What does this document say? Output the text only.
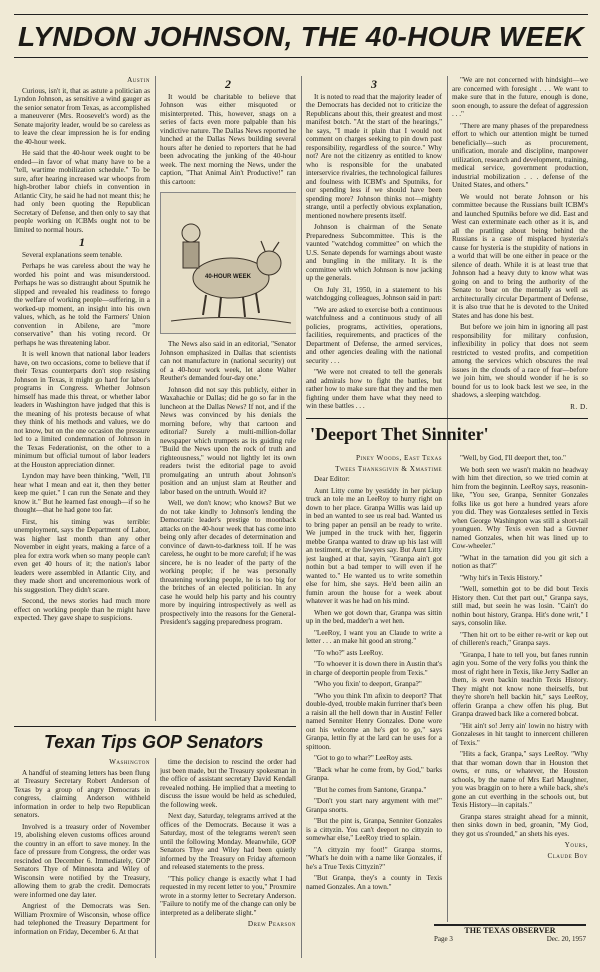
LYNDON JOHNSON, THE 40-HOUR WEEK
Austin

Curious, isn't it, that as astute a politician as Lyndon Johnson, as sensitive a wind gauger as the senior senator from Texas, as accomplished a maneuverer (Mrs. Roosevelt's word) as the Senate majority leader, would be so careless as to leave the clear impression he is for ending the 40-hour week.

He said that the 40-hour week ought to be ended—in favor of what many have to be a "tell, wartime mobilization schedule." To be sure, after hearing increased war whoops from high-brother labor chiefs in convention in Atlantic City, he said he had not meant this; he had only been quoting the Republican Secretary of Defense, and then only to say that people working on ICBMs ought not to be limited to normal hours.

1

Several explanations seem tenable.

Perhaps he was careless about the way he worded his point and was misunderstood. Perhaps he was so distraught about Sputnik he slipped and revealed his readiness to forego the welfare of working people—suffering, in a worked-up moment, an insight into his own values, which, as he told the Farmers' Union convention in Abilene, are "more conservative" than his voting record. Or perhaps he was threatening labor.

It is well known that national labor leaders have, on two occasions, come to believe that if their Texas counterparts don't stop resisting Johnson in Texas, it might go hard for labor's programs in Congress. Whether Johnson himself has made this threat, or whether labor leaders in Washington have judged that this is the meaning of his protests because of what they think of his methods and values, we do not know, but on the one occasion the pressure led to a limited condemnation of Johnson in the Texas Federationist, on the other to a minimum but official turnout of labor leaders at the Houston appreciation dinner.

Lyndon may have been thinking, "Well, I'll hear what I mean and eat it, then they better keep me quiet." I can run the Senate and they know it." But he learned fast enough—if so he thought—that he had gone too far.

First, his timing was terrible: unemployment, says the Department of Labor, was higher last month than any other November in eight years, making a farce of a plea for extra work when so many people can't even get 40 hours of it; the nation's labor leaders were assembled in Atlantic City, and they made short and unceremonious work of his suggestion. They didn't scare.

Second, the news stories had much more effect on working people than he might have expected. They gave shape to suspicions.

2

It would be charitable to believe that Johnson was either misquoted or misinterpreted. This, however, snags on a series of facts even more palpable than his vindictive nature. The Dallas News reported he lunched at the Dallas News building several hours after he denied to reporters that he had been advocating the junking of the 40-hour week. The next morning the News, under the caption, "That Animal Ain't Productive!" ran this cartoon:

40-HOUR WEEK

The News also said in an editorial, "Senator Johnson emphasized in Dallas that scientists can not manufacture in (national security) out of a 40-hour work week, let alone Walter Reuther's demanded four-day one."

Johnson did not say this publicly, either in Waxahachie or Dallas; did he go so far in the luncheon at the Dallas News? If not, and if the News was convinced by his denials the morning before, why that cartoon and editorial? Surely a multi-million-dollar newspaper which trumpets as its guiding rule "Build the News upon the rock of truth and righteousness," would not lightly let its own readers twist the editorial page to avoid promulgating an untruth about Johnson's position and an unjust slam at Reuther and labor based on the untruth. Would it?

Well, we don't know; who knows? But we do not take kindly to Johnson's lending the Democratic leader's prestige to moonback attacks on the 40-hour week that has come into being only after decades of determination and convince of dawn-to-darkness toil. If he was careless, he ought to be more careful; if he was sincere, he is no leader of the party of the working people; if he was personally threatening working people, he is too big for the britches of an elected politician. In any case he would help his party and his country more by inquiring introspectively as well as prospectively into the reasons for the General-President's sagging preparedness program.

3

It is noted to read that the majority leader of the Democrats has decided not to criticize the Republicans about this, their greatest and most manifest botch. "At the start of the hearings," he says, "I made it plain that I would not comment on charges seeking to pin down past responsibility, regardless of the source." Why not? Are not the citizenry as entitled to know who is responsible for the unabated interservice rivalries, the technological failures and foulness with ICBM's and Sputniks, for our spending less if we should have been spending more? Johnson thinks not—mighty strange, until a perfectly obvious explanation, mentioned nowhere presents itself.

Johnson is chairman of the Senate Preparedness Subcommittee. This is the vaunted "watchdog committee" on which the U.S. Senate depends for warnings about waste and bungling in the military. It is the committee with which Johnson is now jacking up the generals.

On July 31, 1950, in a statement to his watchdogging colleagues, Johnson said in part:

"We are asked to exercise both a continuous watchfulness and a continuous study of all policies, programs, activities, operations, facilities, requirements, and practices of the Department of Defense, the armed services, and other agencies dealing with the national security . . .

"We were not created to tell the generals and admirals how to fight the battles, but rather how to make sure that they and the men fighting under them have what they need to win these battles . . .

"We are not concerned with hindsight—we are concerned with foresight . . . We want to make sure that in the future, enough is done, soon enough, to assure the defeat of aggression . . ."

"There are many phases of the preparedness effort to which our attention might be turned beneficially—such as procurement, unification, morale and discipline, manpower utilization, research and development, training, medical service, government production, industrial mobilization . . . defense of the United States, and others."

We would not berate Johnson or his committee because the Russians built ICBM's and launched Sputniks before we did. East and West can exterminate each other as it is, and all the prattling about being behind the Russians is a case of misplaced hysteria's cause for hysteria is the stupidity of nations in a world that will be one either in peace or the silence of death. While it is at least true that Johnson had a heavy duty to know what was going on and to bring the authority of the Senate to bear on the mentally as well as architecturally circular Department of Defense, it is also true that he is devoted to the United States and has done his best.

But before we join him in ignoring all past responsibility for military confusion, inflexibility in policy that does not seem restricted to vested profits, and competition among the services which obscures the real issues in the clouds of a race of fear—before we join him, we should wonder if he is so bound for us to look back lest we see, in the shadows, a sleeping watchdog.

R. D.
'Deeport Thet Sinniter'
Piney Woods, East Texas
Twees Thanksgivin & Xmastime

Dear Editor:

Aunt Litty come by yestiddy in her pickup truck an tole me an LeeRoy to hurry right on down to her place. Granpa Willis was laid up in bed an wanted to see us real bad. Wanted us to bring paper an pensil an be ready to write. We jumped in the truck with her, figgerin mebbe Granpa wanted to draw up his last will an testiment, er the lawyers say. But Aunt Litty jest laughed at that, sayin, "Granpa ain't got nothin but a bad temper to will even if he wanted to." He wanted us to write somethin else for him, she says. He'd been ailin an fumin aroun the house for a week about whatever it was he had on his mind.

When we got down thar, Granpa was sittin up in the bed, madder'n a wet hen.

"LeeRoy, I want you an Claude to write a letter . . . an make hit good an strong."

"To who?" asts LeeRoy.

"To whoever it is down there in Austin that's in charge of deeportin people from Texis."

"Who you fixin' to deeport, Granpa?"

"Who you think I'm afixin to deeport? That double-dyed, trouble makin furriner that's been a raisin all the hell down thar in Austin! Feller named Senniter Henry Gonzales. Done wore out his welcome an he's got to go," says Granpa, lettin fly at the lard can he uses for a spittoon.

"Got to go to whar?" LeeRoy asts.

"Back whar he come from, by God," barks Granpa.

"But he comes from Santone, Granpa."

"Don't you start nary argyment with me!" Granpa snorts.

"But the pint is, Granpa, Senniter Gonzales is a cittyzin. You can't deeport no cittyzin to somewhar else," LeeRoy tried to splain.

"A cittyzin my foot!" Granpa storms, "What's he doin with a name like Gonzales, if he's a True Texis Cittyzin?"

"But Granpa, they's a county in Texis named Gonzales. An a town."

"Well, by God, I'll deeport thet, too."

We both seen we wasn't makin no headway with him thet direction, so we tried comin at him from the beginnin. LeeRoy says, reasonin-like, "You see, Granpa, Senniter Gonzales folks like us got here a hundred years afore you did. They was Gonzaleses settled in Texis when George Washington was still a short-tail younguen. Why Texis even had a Guvner named Gonzales, when hit was lined up to Cow-wheeler."

"What in the tarnation did you git sich a notion as that?"

"Why hit's in Texis History."

"Well, somethin got to be did bout Texis History then. Cut thet part out," Granpa says, still mad, but seein he was losin. "Cain't do nothin bout history, Granpa. Hit's done writ," I says, consolin like.

"Then hit ort to be either re-writ or kep out of chilleren's reach," Granpa says.

"Granpa, I hate to tell you, but fanes runnin agin you. Some of the very folks you think the most of right here in Texis, like Jerry Sadler an them, is even backin teachin Texis History. They might not know none theirselfs, but they're shore'n hell backin hit," says LeeRoy, offerin Granpa a chew offen his plug. But Granpa drawed back like a cornered bobcat.

"Hit ain't so! Jerry ain' lowin no histry with Gonzaleses in hit taught to innercent chilleren of Texis."

"Hits a fack, Granpa," says LeeRoy. "Why that thar woman down thar in Houston thet owns, er runs, or whatever, the Houston schools, by the name of Mrs Earl Maughner, you was braggin on to here a while back, she's gone an cut everthing in the schools out, but Texis History—in capitals."

Granpa stares straight ahead for a minnit, then sinks down in bed, groanin, "My God, they got us s'rounded," an shets his eyes.

Yours,
Claude Boy
Texan Tips GOP Senators
Washington

A handful of steaming letters has been flung at Treasury Secretary Robert Anderson of Texas by a group of angry Democrats in congress, claiming Anderson withheld information in order to help two Republican senators.

Involved is a treasury order of November 19, abolishing eleven customs offices around the country in an effort to save money. In the face of pressure from Congress, the order was rescinded on December 6. Immediately, GOP Senators Thye of Minnesota and Wiley of Wisconsin were notified by the Treasury, allowing them to grab the credit. Democrats were informed one day later.

Angriest of the Democrats was Sen. William Proxmire of Wisconsin, whose office had telephoned the Treasury Department for information on Friday, December 6. At that

time the decision to rescind the order had just been made, but the Treasury spokesman in the office of assistant secretary David Kendall revealed nothing. He implied that a meeting to discuss the issue would be held as scheduled, the following week.

Next day, Saturday, telegrams arrived at the offices of the Democrats. Because it was a Saturday, most of the telegrams weren't seen until the following Monday. Meanwhile, GOP Senators Thye and Wiley had been quietly informed by the Treasury on Friday afternoon and released statements to the press.

"This policy change is exactly what I had requested in my recent letter to you," Proxmire wrote in a stormy letter to Secretary Anderson. "Failure to notify me of the change can only be interpreted as a deliberate slight."

Drew Pearson
THE TEXAS OBSERVER
Page 3	Dec. 20, 1957
